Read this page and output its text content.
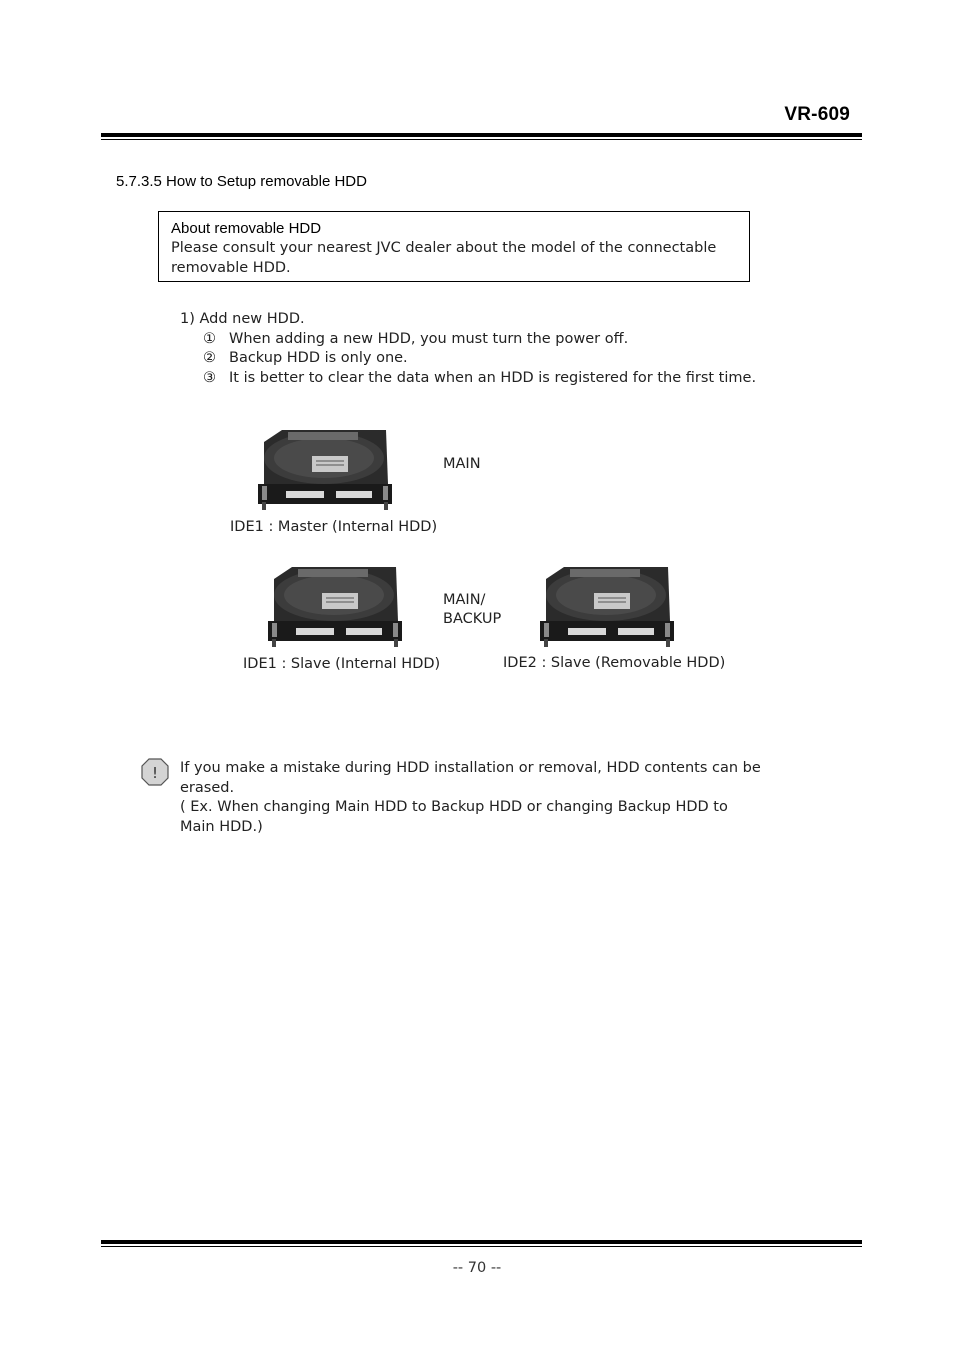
VR-609
5.7.3.5 How to Setup removable HDD
About removable HDD
Please consult your nearest JVC dealer about the model of the connectable
removable HDD.
1) Add new HDD.
① When adding a new HDD, you must turn the power off.
② Backup HDD is only one.
③ It is better to clear the data when an HDD is registered for the first time.
MAIN
IDE1 : Master (Internal HDD)
MAIN/
BACKUP
IDE1 : Slave (Internal HDD)	IDE2 : Slave (Removable HDD)
! If you make a mistake during HDD installation or removal, HDD contents can be
erased.
( Ex. When changing Main HDD to Backup HDD or changing Backup HDD to
Main HDD.)
-- 70 --
